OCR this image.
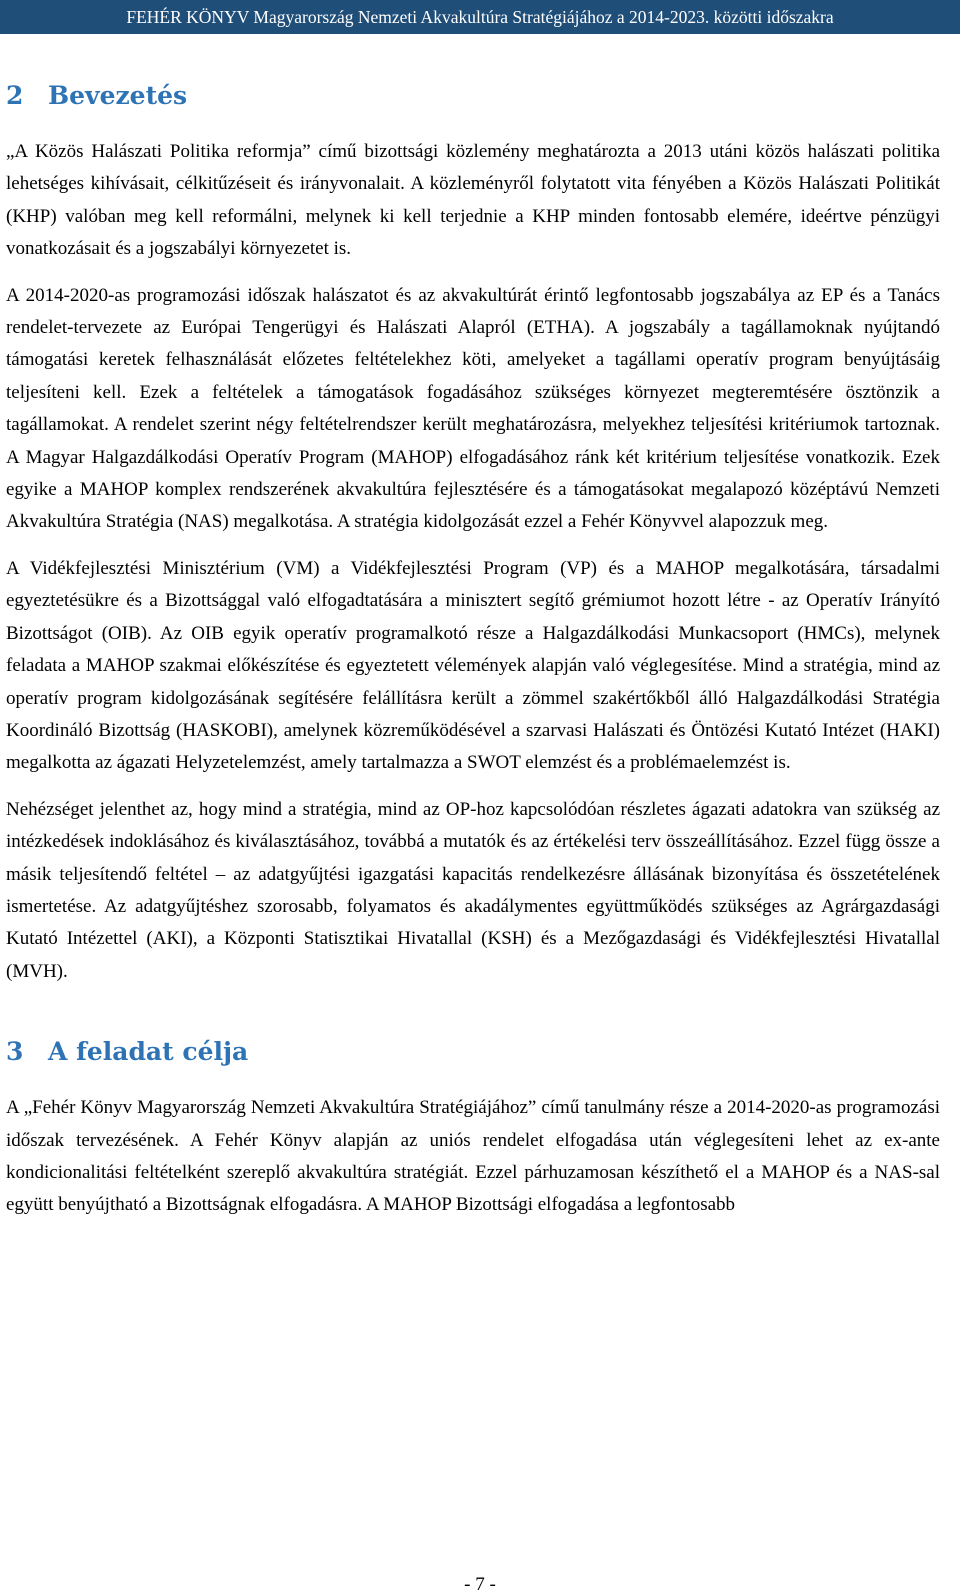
FEHÉR KÖNYV Magyarország Nemzeti Akvakultúra Stratégiájához a 2014-2023. közötti időszakra
2 Bevezetés

„A Közös Halászati Politika reformja” című bizottsági közlemény meghatározta a 2013 utáni közös halászati politika lehetséges kihívásait, célkitűzéseit és irányvonalait. A közleményről folytatott vita fényében a Közös Halászati Politikát (KHP) valóban meg kell reformálni, melynek ki kell terjednie a KHP minden fontosabb elemére, ideértve pénzügyi vonatkozásait és a jogszabályi környezetet is.

A 2014-2020-as programozási időszak halászatot és az akvakultúrát érintő legfontosabb jogszabálya az EP és a Tanács rendelet-tervezete az Európai Tengerügyi és Halászati Alapról (ETHA). A jogszabály a tagállamoknak nyújtandó támogatási keretek felhasználását előzetes feltételekhez köti, amelyeket a tagállami operatív program benyújtásáig teljesíteni kell. Ezek a feltételek a támogatások fogadásához szükséges környezet megteremtésére ösztönzik a tagállamokat. A rendelet szerint négy feltételrendszer került meghatározásra, melyekhez teljesítési kritériumok tartoznak. A Magyar Halgazdálkodási Operatív Program (MAHOP) elfogadásához ránk két kritérium teljesítése vonatkozik. Ezek egyike a MAHOP komplex rendszerének akvakultúra fejlesztésére és a támogatásokat megalapozó középtávú Nemzeti Akvakultúra Stratégia (NAS) megalkotása. A stratégia kidolgozását ezzel a Fehér Könyvvel alapozzuk meg.

A Vidékfejlesztési Minisztérium (VM) a Vidékfejlesztési Program (VP) és a MAHOP megalkotására, társadalmi egyeztetésükre és a Bizottsággal való elfogadtatására a minisztert segítő grémiumot hozott létre - az Operatív Irányító Bizottságot (OIB). Az OIB egyik operatív programalkotó része a Halgazdálkodási Munkacsoport (HMCs), melynek feladata a MAHOP szakmai előkészítése és egyeztetett vélemények alapján való véglegesítése. Mind a stratégia, mind az operatív program kidolgozásának segítésére felállításra került a zömmel szakértőkből álló Halgazdálkodási Stratégia Koordináló Bizottság (HASKOBI), amelynek közreműködésével a szarvasi Halászati és Öntözési Kutató Intézet (HAKI) megalkotta az ágazati Helyzetelemzést, amely tartalmazza a SWOT elemzést és a problémaelemzést is.

Nehézséget jelenthet az, hogy mind a stratégia, mind az OP-hoz kapcsolódóan részletes ágazati adatokra van szükség az intézkedések indoklásához és kiválasztásához, továbbá a mutatók és az értékelési terv összeállításához. Ezzel függ össze a másik teljesítendő feltétel – az adatgyűjtési igazgatási kapacitás rendelkezésre állásának bizonyítása és összetételének ismertetése. Az adatgyűjtéshez szorosabb, folyamatos és akadálymentes együttműködés szükséges az Agrárgazdasági Kutató Intézettel (AKI), a Központi Statisztikai Hivatallal (KSH) és a Mezőgazdasági és Vidékfejlesztési Hivatallal (MVH).

3 A feladat célja

A „Fehér Könyv Magyarország Nemzeti Akvakultúra Stratégiájához” című tanulmány része a 2014-2020-as programozási időszak tervezésének. A Fehér Könyv alapján az uniós rendelet elfogadása után véglegesíteni lehet az ex-ante kondicionalitási feltételként szereplő akvakultúra stratégiát. Ezzel párhuzamosan készíthető el a MAHOP és a NAS-sal együtt benyújtható a Bizottságnak elfogadásra. A MAHOP Bizottsági elfogadása a legfontosabb

- 7 -
